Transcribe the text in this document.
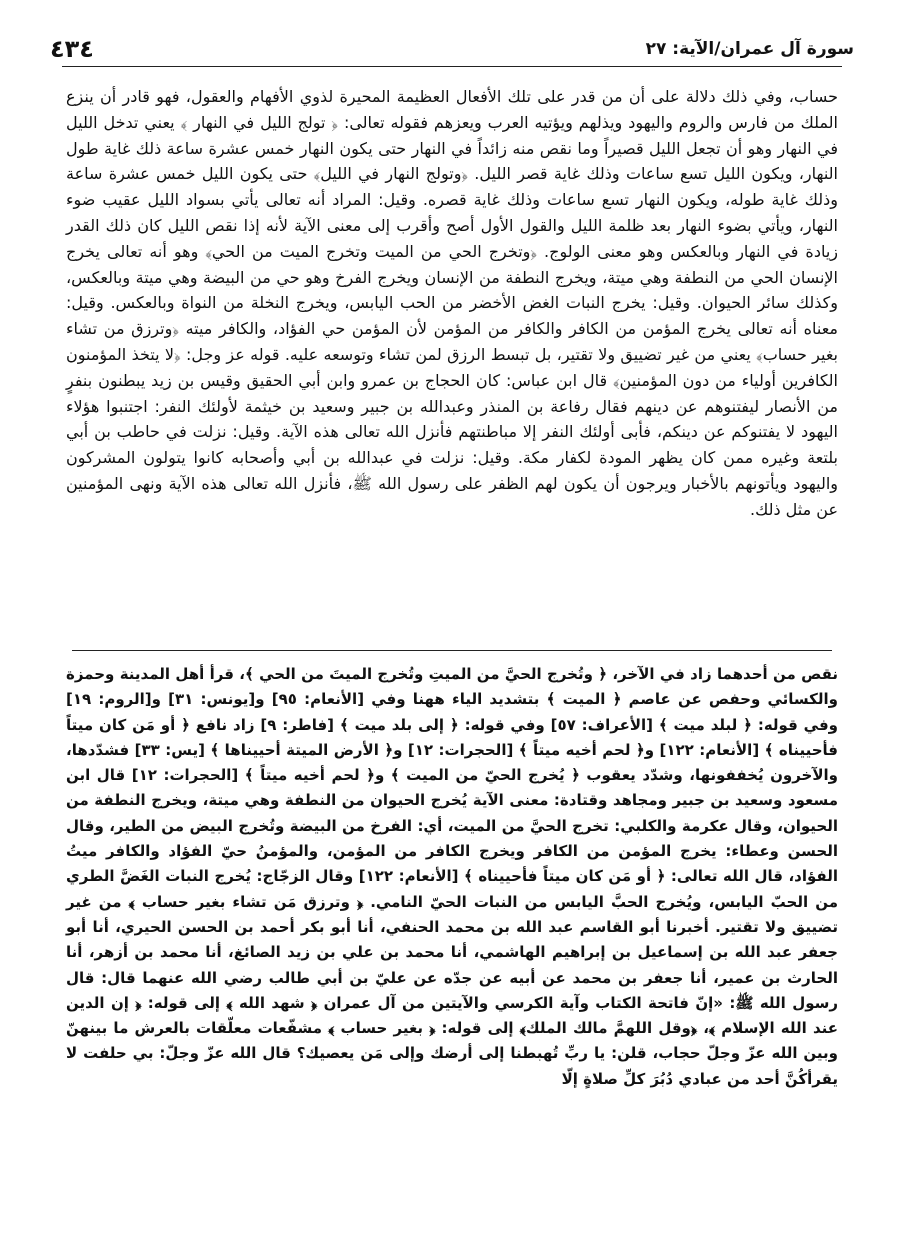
سورة آل عمران/الآية: ٢٧
٤٣٤

حساب، وفي ذلك دلالة على أن من قدر على تلك الأفعال العظيمة المحيرة لذوي الأفهام والعقول، فهو قادر أن ينزع الملك من فارس والروم واليهود ويذلهم ويؤتيه العرب ويعزهم فقوله تعالى: ﴿ تولج الليل في النهار ﴾ يعني تدخل الليل في النهار وهو أن تجعل الليل قصيراً وما نقص منه زائداً في النهار حتى يكون النهار خمس عشرة ساعة ذلك غاية طول النهار، ويكون الليل تسع ساعات وذلك غاية قصر الليل. ﴿وتولج النهار في الليل﴾ حتى يكون الليل خمس عشرة ساعة وذلك غاية طوله، ويكون النهار تسع ساعات وذلك غاية قصره. وقيل: المراد أنه تعالى يأتي بسواد الليل عقيب ضوء النهار، ويأتي بضوء النهار بعد ظلمة الليل والقول الأول أصح وأقرب إلى معنى الآية لأنه إذا نقص الليل كان ذلك القدر زيادة في النهار وبالعكس وهو معنى الولوج. ﴿وتخرج الحي من الميت وتخرج الميت من الحي﴾ وهو أنه تعالى يخرج الإنسان الحي من النطفة وهي ميتة، ويخرج النطفة من الإنسان ويخرج الفرخ وهو حي من البيضة وهي ميتة وبالعكس، وكذلك سائر الحيوان. وقيل: يخرج النبات الغض الأخضر من الحب اليابس، ويخرج النخلة من النواة وبالعكس. وقيل: معناه أنه تعالى يخرج المؤمن من الكافر والكافر من المؤمن لأن المؤمن حي الفؤاد، والكافر ميته ﴿وترزق من تشاء بغير حساب﴾ يعني من غير تضييق ولا تقتير، بل تبسط الرزق لمن تشاء وتوسعه عليه. قوله عز وجل: ﴿لا يتخذ المؤمنون الكافرين أولياء من دون المؤمنين﴾ قال ابن عباس: كان الحجاج بن عمرو وابن أبي الحقيق وقيس بن زيد يبطنون بنفرٍ من الأنصار ليفتنوهم عن دينهم فقال رفاعة بن المنذر وعبدالله بن جبير وسعيد بن خيثمة لأولئك النفر: اجتنبوا هؤلاء اليهود لا يفتنوكم عن دينكم، فأبى أولئك النفر إلا مباطنتهم فأنزل الله تعالى هذه الآية. وقيل: نزلت في حاطب بن أبي بلتعة وغيره ممن كان يظهر المودة لكفار مكة. وقيل: نزلت في عبدالله بن أبي وأصحابه كانوا يتولون المشركون واليهود ويأتونهم بالأخبار ويرجون أن يكون لهم الظفر على رسول الله ﷺ، فأنزل الله تعالى هذه الآية ونهى المؤمنين عن مثل ذلك.

نقص من أحدهما زاد في الآخر، ﴿ وتُخرج الحيَّ من الميتِ وتُخرج الميتَ من الحي ﴾، قرأ أهل المدينة وحمزة والكسائي وحفص عن عاصم ﴿ الميت ﴾ بتشديد الياء ههنا وفي [الأنعام: ٩٥] و[يونس: ٣١] و[الروم: ١٩] وفي قوله: ﴿ لبلد ميت ﴾ [الأعراف: ٥٧] وفي قوله: ﴿ إلى بلد ميت ﴾ [فاطر: ٩] زاد نافع ﴿ أو مَن كان ميتاً فأحييناه ﴾ [الأنعام: ١٢٢] و﴿ لحم أخيه ميتاً ﴾ [الحجرات: ١٢] و﴿ الأرض الميتة أحييناها ﴾ [يس: ٣٣] فشدّدها، والآخرون يُخففونها، وشدّد يعقوب ﴿ يُخرج الحيّ من الميت ﴾ و﴿ لحم أخيه ميتاً ﴾ [الحجرات: ١٢] قال ابن مسعود وسعيد بن جبير ومجاهد وقتادة: معنى الآية يُخرج الحيوان من النطفة وهي ميتة، ويخرج النطفة من الحيوان، وقال عكرمة والكلبي: تخرج الحيَّ من الميت، أي: الفرخ من البيضة وتُخرج البيض من الطير، وقال الحسن وعطاء: يخرج المؤمن من الكافر ويخرج الكافر من المؤمن، والمؤمنُ حيّ الفؤاد والكافر ميتُ الفؤاد، قال الله تعالى: ﴿ أو مَن كان ميتاً فأحييناه ﴾ [الأنعام: ١٢٢] وقال الزجّاج: يُخرج النبات الغَضَّ الطري من الحبّ اليابس، ويُخرج الحبَّ اليابس من النبات الحيّ النامي. ﴿ وترزق مَن تشاء بغير حساب ﴾ من غير تضييق ولا تقتير. أخبرنا أبو القاسم عبد الله بن محمد الحنفي، أنا أبو بكر أحمد بن الحسن الحيري، أنا أبو جعفر عبد الله بن إسماعيل بن إبراهيم الهاشمي، أنا محمد بن علي بن زيد الصائغ، أنا محمد بن أزهر، أنا الحارث بن عمير، أنا جعفر بن محمد عن أبيه عن جدّه عن عليّ بن أبي طالب رضي الله عنهما قال: قال رسول الله ﷺ: «إنّ فاتحة الكتاب وآية الكرسي والآيتين من آل عمران ﴿ شهد الله ﴾ إلى قوله: ﴿ إن الدين عند الله الإسلام ﴾، ﴿وقل اللهمَّ مالك الملك﴾ إلى قوله: ﴿ بغير حساب ﴾ مشفّعات معلّقات بالعرش ما بينهنّ وبين الله عزّ وجلّ حجاب، قلن: يا ربِّ تُهبطنا إلى أرضك وإلى مَن يعصيك؟ قال الله عزّ وجلّ: بي حلفت لا يقرأكُنَّ أحد من عبادي دُبُرَ كلِّ صلاةٍ إلّا
